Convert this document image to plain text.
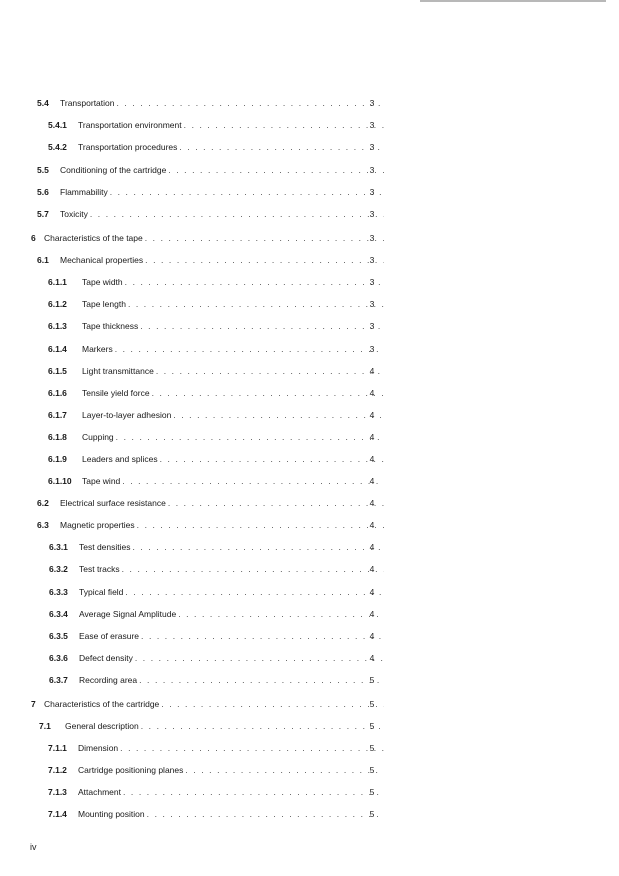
5.4 Transportation . . .	3
5.4.1 Transportation environment . . .	3
5.4.2 Transportation procedures . . .	3
5.5 Conditioning of the cartridge . . .	3
5.6 Flammability . . .	3
5.7 Toxicity . . .	3
6 Characteristics of the tape . . .	3
6.1 Mechanical properties . . .	3
6.1.1 Tape width . . .	3
6.1.2 Tape length . . .	3
6.1.3 Tape thickness . . .	3
6.1.4 Markers . . .	3
6.1.5 Light transmittance . . .	4
6.1.6 Tensile yield force . . .	4
6.1.7 Layer-to-layer adhesion . . .	4
6.1.8 Cupping . . .	4
6.1.9 Leaders and splices . . .	4
6.1.10 Tape wind . . .	4
6.2 Electrical surface resistance . . .	4
6.3 Magnetic properties . . .	4
6.3.1 Test densities . . .	4
6.3.2 Test tracks . . .	4
6.3.3 Typical field . . .	4
6.3.4 Average Signal Amplitude . . .	4
6.3.5 Ease of erasure . . .	4
6.3.6 Defect density . . .	4
6.3.7 Recording area . . .	5
7 Characteristics of the cartridge . . .	5
7.1 General description . . .	5
7.1.1 Dimension . . .	5
7.1.2 Cartridge positioning planes . . .	5
7.1.3 Attachment . . .	5
7.1.4 Mounting position . . .	5
iv
